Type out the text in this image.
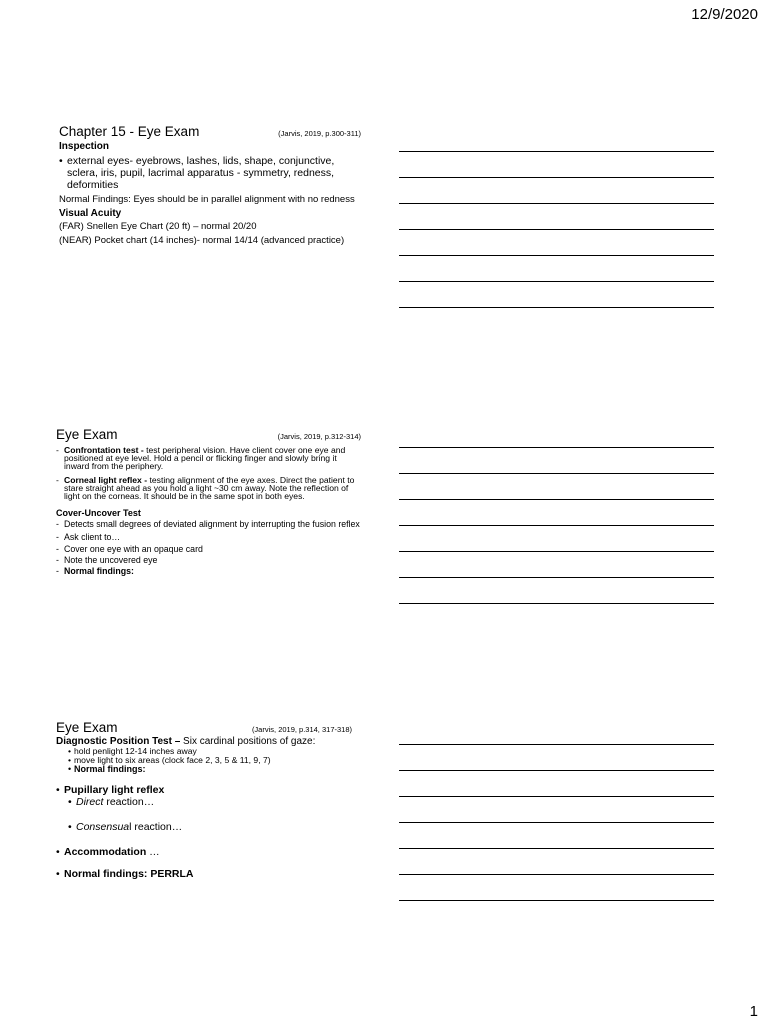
12/9/2020
Chapter 15 - Eye Exam	(Jarvis, 2019, p.300-311)
Inspection
• external eyes- eyebrows, lashes, lids, shape, conjunctive, sclera, iris, pupil, lacrimal apparatus - symmetry, redness, deformities
Normal Findings: Eyes should be in parallel alignment with no redness
Visual Acuity
(FAR) Snellen Eye Chart (20 ft) – normal 20/20
(NEAR) Pocket chart (14 inches)- normal 14/14 (advanced practice)
Eye Exam	(Jarvis, 2019, p.312-314)
- Confrontation test - test peripheral vision. Have client cover one eye and positioned at eye level. Hold a pencil or flicking finger and slowly bring it inward from the periphery.
- Corneal light reflex - testing alignment of the eye axes. Direct the patient to stare straight ahead as you hold a light ~30 cm away. Note the reflection of light on the corneas. It should be in the same spot in both eyes.
Cover-Uncover Test
- Detects small degrees of deviated alignment by interrupting the fusion reflex
- Ask client to…
- Cover one eye with an opaque card
- Note the uncovered eye
- Normal findings:
Eye Exam	(Jarvis, 2019, p.314, 317-318)
Diagnostic Position Test – Six cardinal positions of gaze:
• hold penlight 12-14 inches away
• move light to six areas (clock face 2, 3, 5 & 11, 9, 7)
• Normal findings:
• Pupillary light reflex
• Direct reaction…
• Consensual reaction…
• Accommodation …
• Normal findings: PERRLA
1
